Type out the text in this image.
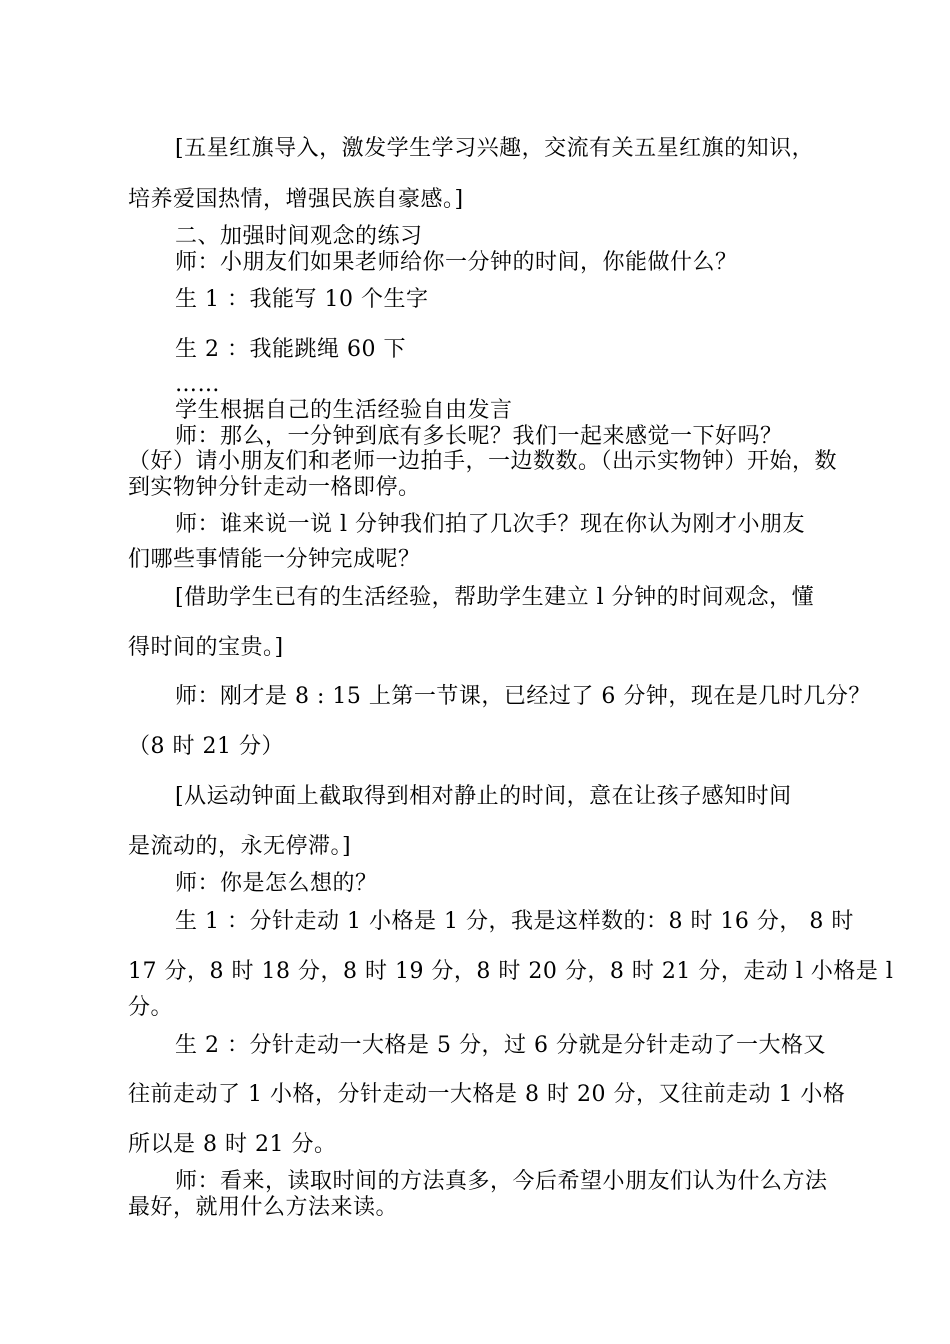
[五星红旗导入，激发学生学习兴趣，交流有关五星红旗的知识，
培养爱国热情，增强民族自豪感。]
二、加强时间观念的练习
师：小朋友们如果老师给你一分钟的时间，你能做什么？
生 1 ：我能写 10 个生字
生 2 ：我能跳绳 60 下
……
学生根据自己的生活经验自由发言
师：那么，一分钟到底有多长呢？我们一起来感觉一下好吗？
（好）请小朋友们和老师一边拍手，一边数数。（出示实物钟）开始，数
到实物钟分针走动一格即停。
师：谁来说一说 l 分钟我们拍了几次手？现在你认为刚才小朋友
们哪些事情能一分钟完成呢？
[借助学生已有的生活经验，帮助学生建立 l 分钟的时间观念，懂
得时间的宝贵。]
师：刚才是 8 : 15 上第一节课，已经过了 6 分钟，现在是几时几分？
（8 时 21 分）
[从运动钟面上截取得到相对静止的时间，意在让孩子感知时间
是流动的，永无停滞。]
师：你是怎么想的？
生 1 ：分针走动 1 小格是 1 分，我是这样数的：8 时 16 分， 8 时
17 分，8 时 18 分，8 时 19 分，8 时 20 分，8 时 21 分，走动 l 小格是 l
分。
生 2 ：分针走动一大格是 5 分，过 6 分就是分针走动了一大格又
往前走动了 1 小格，分针走动一大格是 8 时 20 分，又往前走动 1 小格
所以是 8 时 21 分。
师：看来，读取时间的方法真多，今后希望小朋友们认为什么方法
最好，就用什么方法来读。
